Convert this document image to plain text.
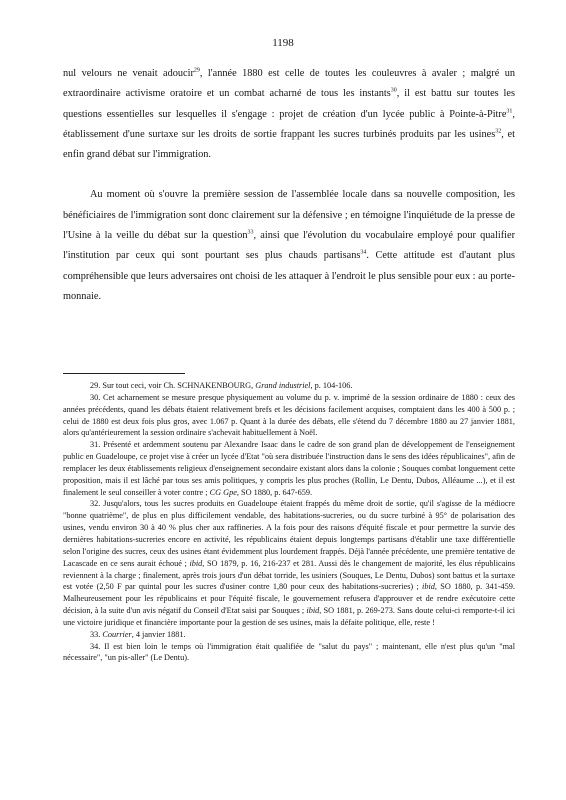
1198

nul velours ne venait adoucir$^{29}$, l'année 1880 est celle de toutes les couleuvres à avaler ; malgré un extraordinaire activisme oratoire et un combat acharné de tous les instants$^{30}$, il est battu sur toutes les questions essentielles sur lesquelles il s'engage : projet de création d'un lycée public à Pointe-à-Pitre$^{31}$, établissement d'une surtaxe sur les droits de sortie frappant les sucres turbinés produits par les usines$^{32}$, et enfin grand débat sur l'immigration.

Au moment où s'ouvre la première session de l'assemblée locale dans sa nouvelle composition, les bénéficiaires de l'immigration sont donc clairement sur la défensive ; en témoigne l'inquiétude de la presse de l'Usine à la veille du débat sur la question$^{33}$, ainsi que l'évolution du vocabulaire employé pour qualifier l'institution par ceux qui sont pourtant ses plus chauds partisans$^{34}$. Cette attitude est d'autant plus compréhensible que leurs adversaires ont choisi de les attaquer à l'endroit le plus sensible pour eux : au porte-monnaie.

29. Sur tout ceci, voir Ch. SCHNAKENBOURG, Grand industriel, p. 104-106.

30. Cet acharnement se mesure presque physiquement au volume du p. v. imprimé de la session ordinaire de 1880 : ceux des années précédents, quand les débats étaient relativement brefs et les décisions facilement acquises, comptaient dans les 400 à 500 p. ; celui de 1880 est deux fois plus gros, avec 1.067 p. Quant à la durée des débats, elle s'étend du 7 décembre 1880 au 27 janvier 1881, alors qu'antérieurement la session ordinaire s'achevait habituellement à Noël.

31. Présenté et ardemment soutenu par Alexandre Isaac dans le cadre de son grand plan de développement de l'enseignement public en Guadeloupe, ce projet vise à créer un lycée d'Etat "où sera distribuée l'instruction dans le sens des idées républicaines", afin de remplacer les deux établissements religieux d'enseignement secondaire existant alors dans la colonie ; Souques combat longuement cette proposition, mais il est lâché par tous ses amis politiques, y compris les plus proches (Rollin, Le Dentu, Dubos, Alléaume ...), et il est finalement le seul conseiller à voter contre ; CG Gpe, SO 1880, p. 647-659.

32. Jusqu'alors, tous les sucres produits en Guadeloupe étaient frappés du même droit de sortie, qu'il s'agisse de la médiocre "bonne quatrième", de plus en plus difficilement vendable, des habitations-sucreries, ou du sucre turbiné à 95° de polarisation des usines, vendu environ 30 à 40 % plus cher aux raffineries. A la fois pour des raisons d'équité fiscale et pour permettre la survie des dernières habitations-sucreries encore en activité, les républicains étaient depuis longtemps partisans d'établir une taxe différentielle selon l'origine des sucres, ceux des usines étant évidemment plus lourdement frappés. Déjà l'année précédente, une première tentative de Lacascade en ce sens aurait échoué ; ibid, SO 1879, p. 16, 216-237 et 281. Aussi dès le changement de majorité, les élus républicains reviennent à la charge ; finalement, après trois jours d'un débat torride, les usiniers (Souques, Le Dentu, Dubos) sont battus et la surtaxe est votée (2,50 F par quintal pour les sucres d'usiner contre 1,80 pour ceux des habitations-sucreries) ; ibid, SO 1880, p. 341-459. Malheureusement pour les républicains et pour l'équité fiscale, le gouvernement refusera d'approuver et de rendre exécutoire cette décision, à la suite d'un avis négatif du Conseil d'Etat saisi par Souques ; ibid, SO 1881, p. 269-273. Sans doute celui-ci remporte-t-il ici une victoire juridique et financière importante pour la gestion de ses usines, mais la défaite politique, elle, reste !

33. Courrier, 4 janvier 1881.

34. Il est bien loin le temps où l'immigration était qualifiée de "salut du pays" ; maintenant, elle n'est plus qu'un "mal nécessaire", "un pis-aller" (Le Dentu).
